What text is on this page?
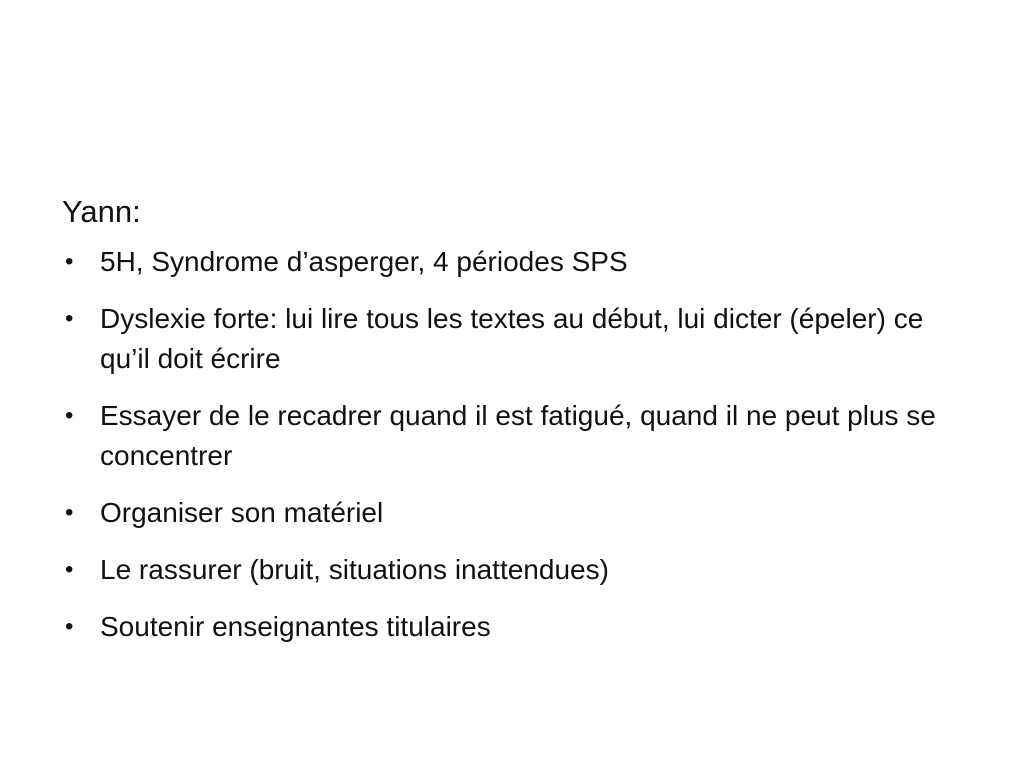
Yann:
• 5H, Syndrome d’asperger, 4 périodes SPS
• Dyslexie forte: lui lire tous les textes au début, lui dicter (épeler) ce qu’il doit écrire
• Essayer de le recadrer quand il est fatigué, quand il ne peut plus se concentrer
• Organiser son matériel
• Le rassurer (bruit, situations inattendues)
• Soutenir enseignantes titulaires
